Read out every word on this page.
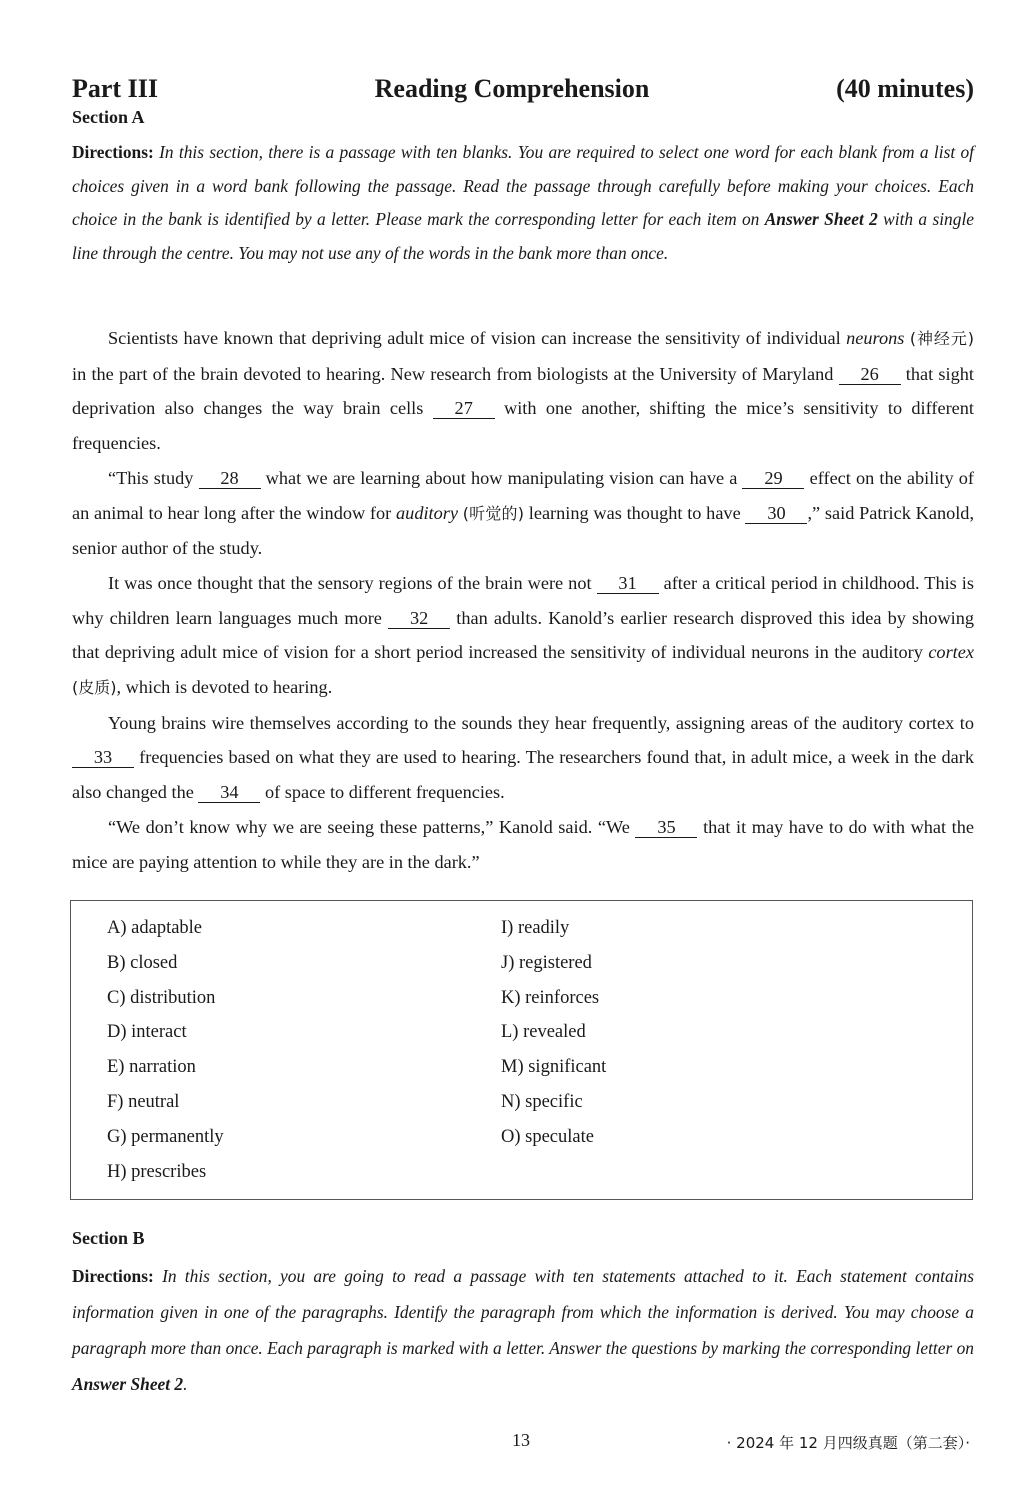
Part III	Reading Comprehension	(40 minutes)
Section A
Directions: In this section, there is a passage with ten blanks. You are required to select one word for each blank from a list of choices given in a word bank following the passage. Read the passage through carefully before making your choices. Each choice in the bank is identified by a letter. Please mark the corresponding letter for each item on Answer Sheet 2 with a single line through the centre. You may not use any of the words in the bank more than once.

Scientists have known that depriving adult mice of vision can increase the sensitivity of individual neurons (神经元) in the part of the brain devoted to hearing. New research from biologists at the University of Maryland 26 that sight deprivation also changes the way brain cells 27 with one another, shifting the mice’s sensitivity to different frequencies.

“This study 28 what we are learning about how manipulating vision can have a 29 effect on the ability of an animal to hear long after the window for auditory (听觉的) learning was thought to have 30 ,” said Patrick Kanold, senior author of the study.

It was once thought that the sensory regions of the brain were not 31 after a critical period in childhood. This is why children learn languages much more 32 than adults. Kanold’s earlier research disproved this idea by showing that depriving adult mice of vision for a short period increased the sensitivity of individual neurons in the auditory cortex (皮质), which is devoted to hearing.

Young brains wire themselves according to the sounds they hear frequently, assigning areas of the auditory cortex to 33 frequencies based on what they are used to hearing. The researchers found that, in adult mice, a week in the dark also changed the 34 of space to different frequencies.

“We don’t know why we are seeing these patterns,” Kanold said. “We 35 that it may have to do with what the mice are paying attention to while they are in the dark.”

A) adaptable
B) closed
C) distribution
D) interact
E) narration
F) neutral
G) permanently
H) prescribes
I) readily
J) registered
K) reinforces
L) revealed
M) significant
N) specific
O) speculate
Section B
Directions: In this section, you are going to read a passage with ten statements attached to it. Each statement contains information given in one of the paragraphs. Identify the paragraph from which the information is derived. You may choose a paragraph more than once. Each paragraph is marked with a letter. Answer the questions by marking the corresponding letter on Answer Sheet 2.
13	· 2024 年 12 月四级真题（第二套）·
